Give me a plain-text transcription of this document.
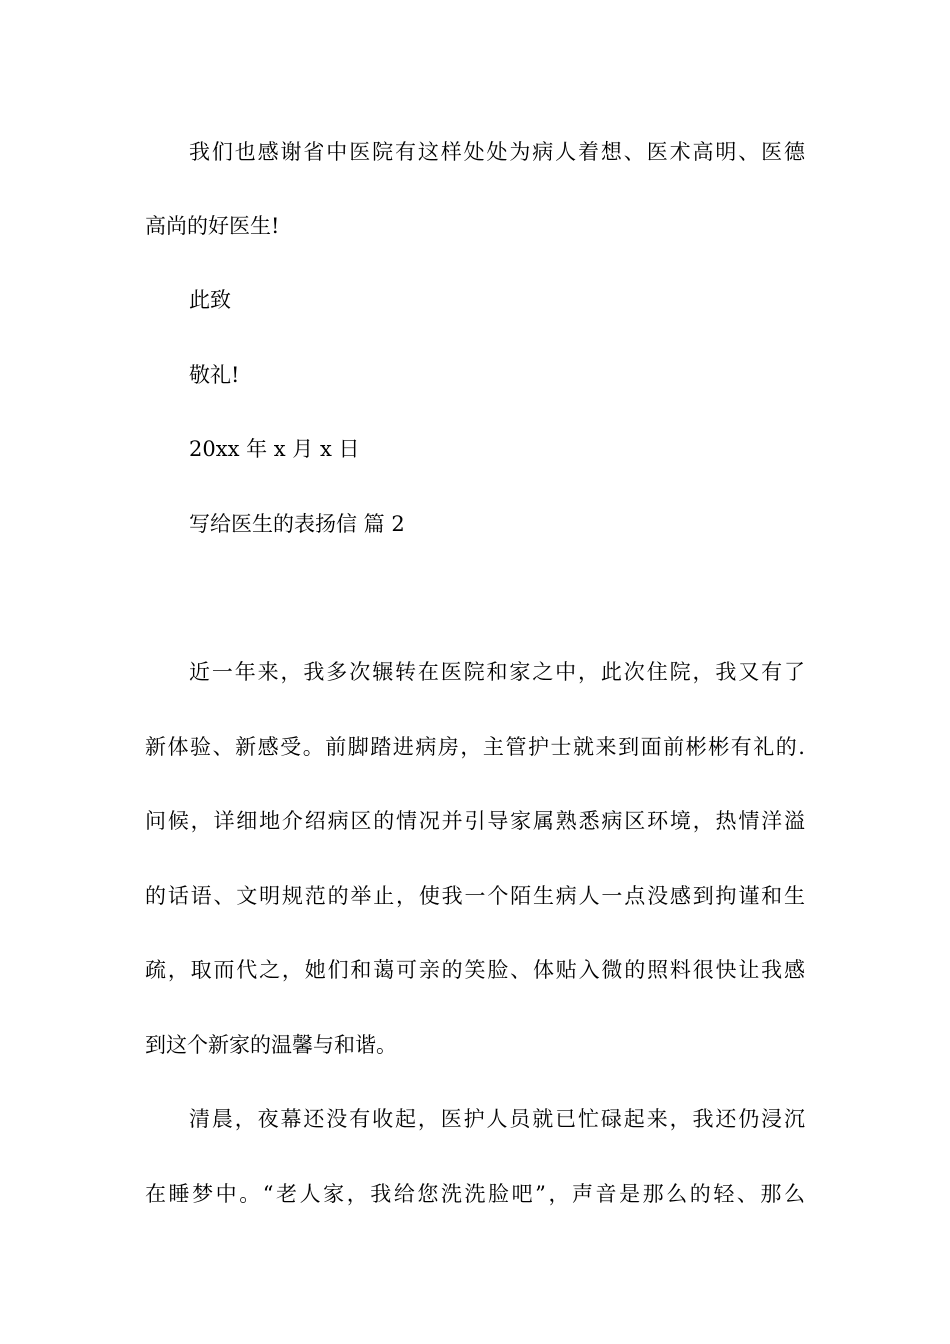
我们也感谢省中医院有这样处处为病人着想、医术高明、医德
高尚的好医生!
此致
敬礼!
20xx 年 x 月 x 日
写给医生的表扬信 篇 2
近一年来，我多次辗转在医院和家之中，此次住院，我又有了
新体验、新感受。前脚踏进病房，主管护士就来到面前彬彬有礼的.
问候，详细地介绍病区的情况并引导家属熟悉病区环境，热情洋溢
的话语、文明规范的举止，使我一个陌生病人一点没感到拘谨和生
疏，取而代之，她们和蔼可亲的笑脸、体贴入微的照料很快让我感
到这个新家的温馨与和谐。
清晨，夜幕还没有收起，医护人员就已忙碌起来，我还仍浸沉
在睡梦中。“老人家，我给您洗洗脸吧”，声音是那么的轻、那么
